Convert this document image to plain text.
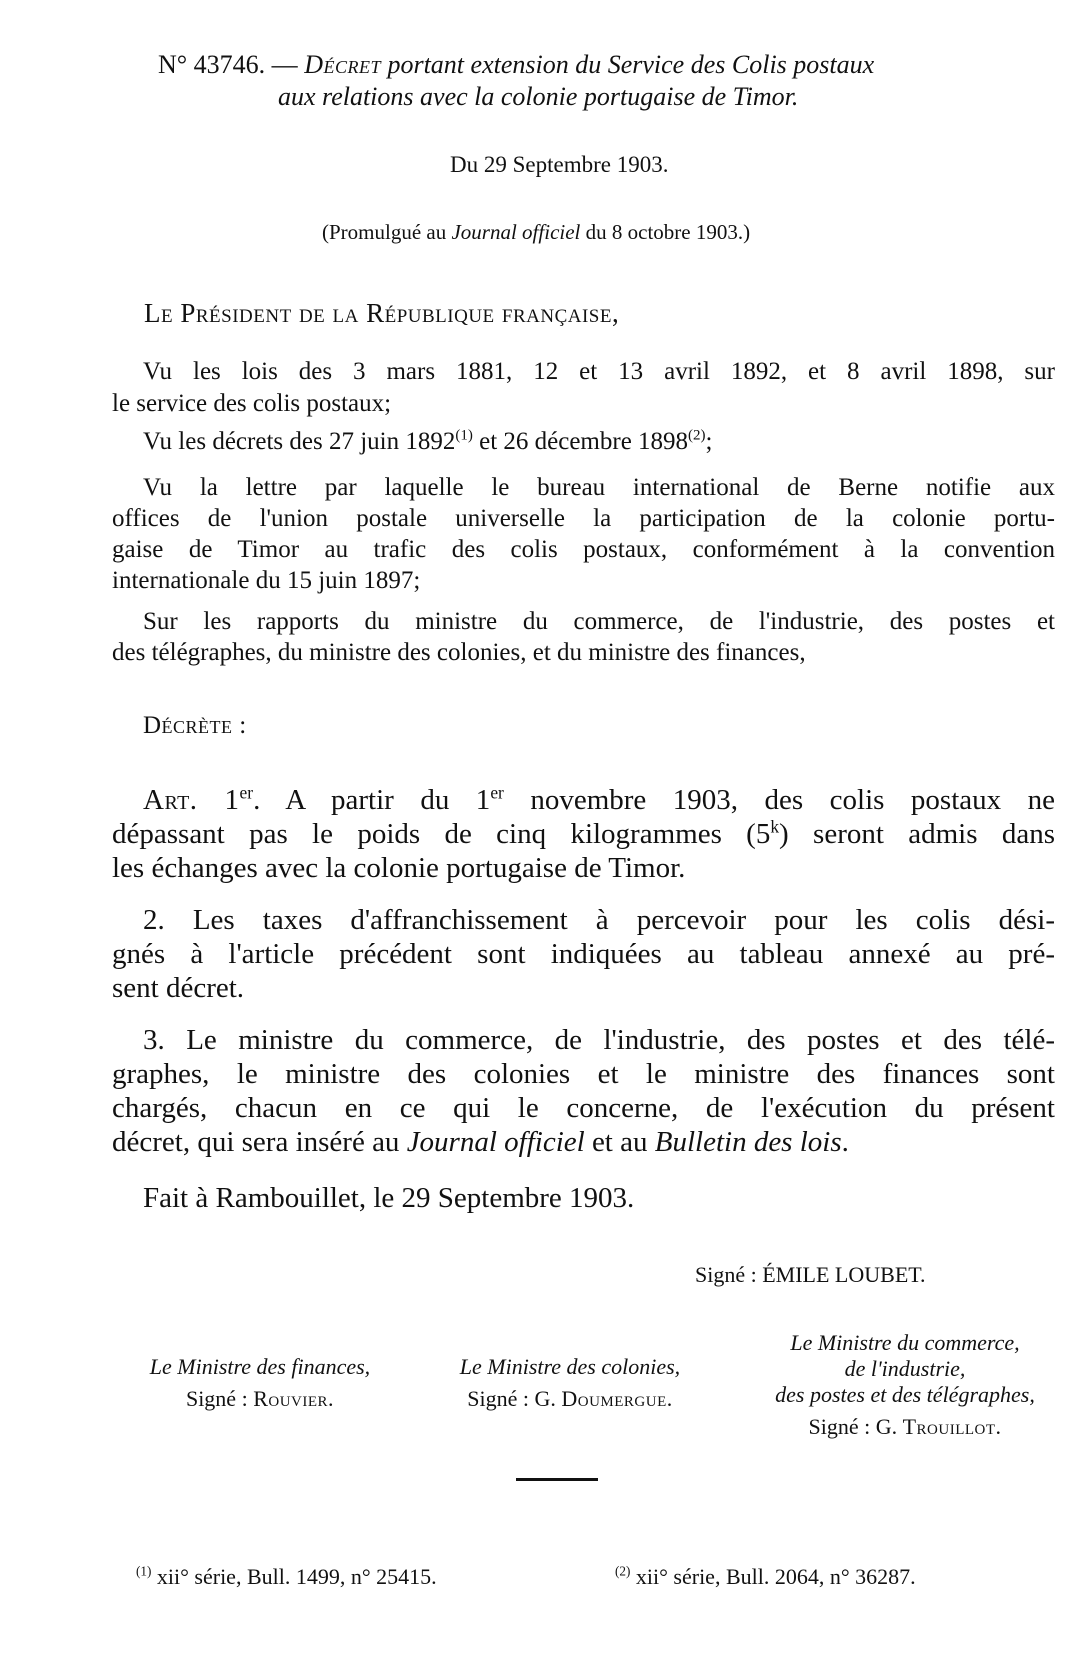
N° 43746. — Décret portant extension du Service des Colis postaux
aux relations avec la colonie portugaise de Timor.
Du 29 Septembre 1903.
(Promulgué au Journal officiel du 8 octobre 1903.)
Le Président de la République française,
Vu les lois des 3 mars 1881, 12 et 13 avril 1892, et 8 avril 1898, sur
le service des colis postaux;
Vu les décrets des 27 juin 1892$^{(1)}$ et 26 décembre 1898$^{(2)}$;
Vu la lettre par laquelle le bureau international de Berne notifie aux
offices de l'union postale universelle la participation de la colonie portu-
gaise de Timor au trafic des colis postaux, conformément à la convention
internationale du 15 juin 1897;
Sur les rapports du ministre du commerce, de l'industrie, des postes et
des télégraphes, du ministre des colonies, et du ministre des finances,
Décrète :
Art. 1er. A partir du 1er novembre 1903, des colis postaux ne
dépassant pas le poids de cinq kilogrammes (5$^k$) seront admis dans
les échanges avec la colonie portugaise de Timor.
2. Les taxes d'affranchissement à percevoir pour les colis dési-
gnés à l'article précédent sont indiquées au tableau annexé au pré-
sent décret.
3. Le ministre du commerce, de l'industrie, des postes et des télé-
graphes, le ministre des colonies et le ministre des finances sont
chargés, chacun en ce qui le concerne, de l'exécution du présent
décret, qui sera inséré au Journal officiel et au Bulletin des lois.
Fait à Rambouillet, le 29 Septembre 1903.
Signé : ÉMILE LOUBET.
Le Ministre des finances,
Signé : Rouvier.
Le Ministre des colonies,
Signé : G. Doumergue.
Le Ministre du commerce,
de l'industrie,
des postes et des télégraphes,
Signé : G. Trouillot.
$^{(1)}$ xii° série, Bull. 1499, n° 25415.	$^{(2)}$ xii° série, Bull. 2064, n° 36287.
